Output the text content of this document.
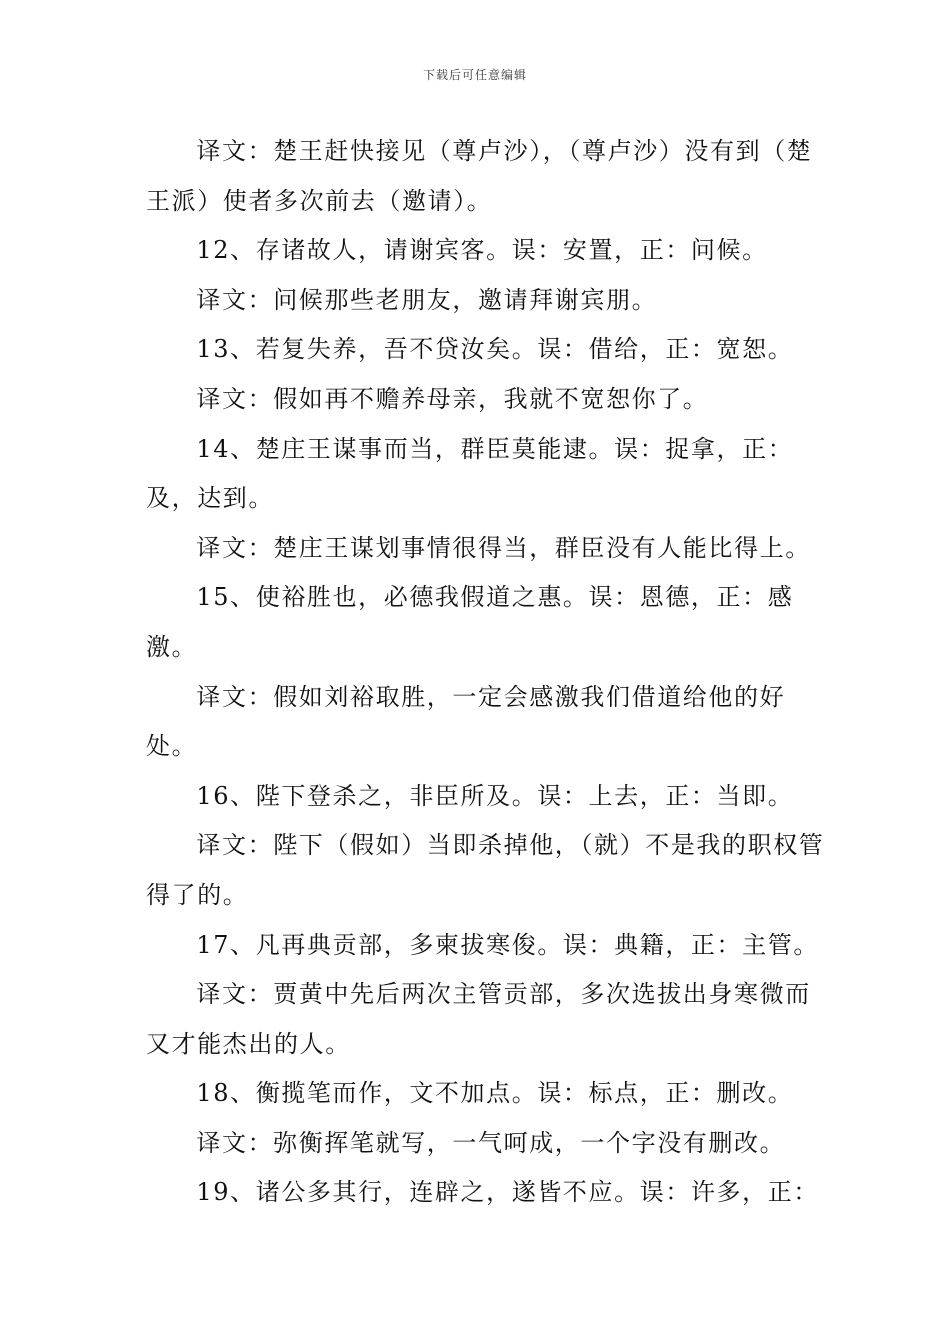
下载后可任意编辑

译文：楚王赶快接见（尊卢沙），（尊卢沙）没有到（楚王派）使者多次前去（邀请）。

12、存诸故人，请谢宾客。误：安置，正：问候。

译文：问候那些老朋友，邀请拜谢宾朋。

13、若复失养，吾不贷汝矣。误：借给，正：宽恕。

译文：假如再不赡养母亲，我就不宽恕你了。

14、楚庄王谋事而当，群臣莫能逮。误：捉拿，正：及，达到。

译文：楚庄王谋划事情很得当，群臣没有人能比得上。

15、使裕胜也，必德我假道之惠。误：恩德，正：感激。

译文：假如刘裕取胜，一定会感激我们借道给他的好处。

16、陛下登杀之，非臣所及。误：上去，正：当即。

译文：陛下（假如）当即杀掉他，（就）不是我的职权管得了的。

17、凡再典贡部，多柬拔寒俊。误：典籍，正：主管。

译文：贾黄中先后两次主管贡部，多次选拔出身寒微而又才能杰出的人。

18、衡揽笔而作，文不加点。误：标点，正：删改。

译文：弥衡挥笔就写，一气呵成，一个字没有删改。

19、诸公多其行，连辟之，遂皆不应。误：许多，正：
